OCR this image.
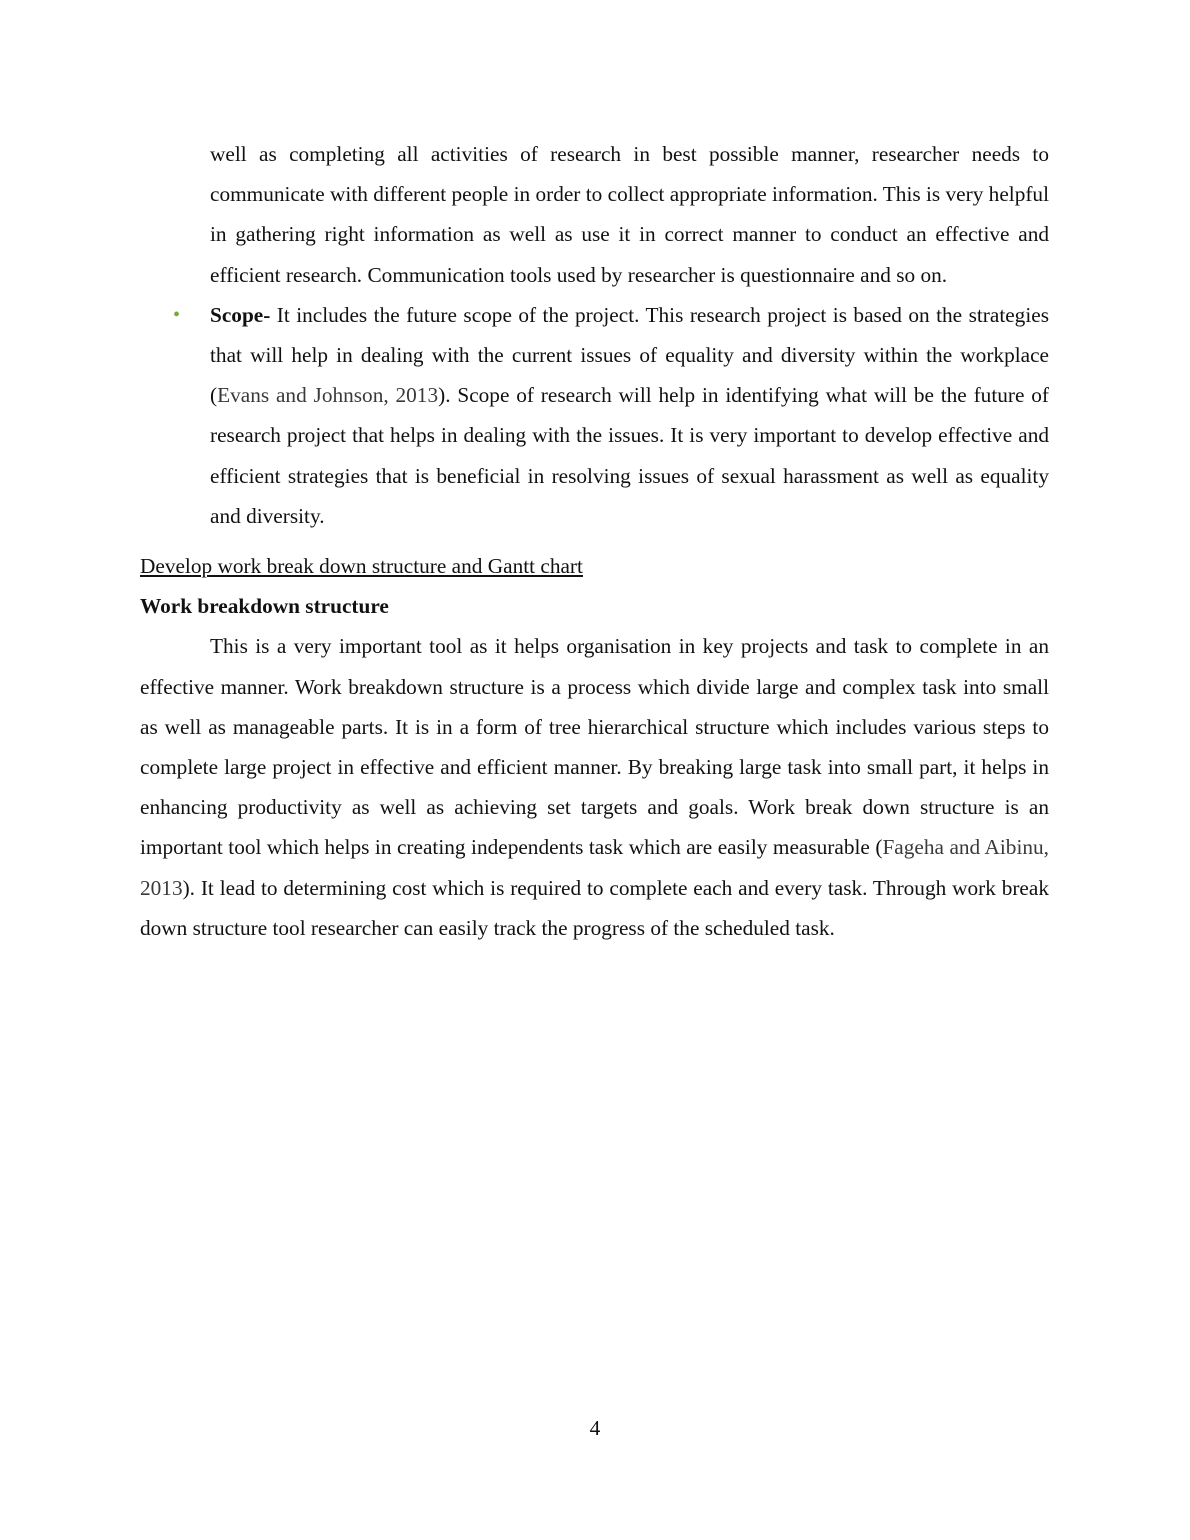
well as completing all activities of research in best possible manner, researcher needs to communicate with different people in order to collect appropriate information. This is very helpful in gathering right information as well as use it in correct manner to conduct an effective and efficient research. Communication tools used by researcher is questionnaire and so on.

• Scope- It includes the future scope of the project. This research project is based on the strategies that will help in dealing with the current issues of equality and diversity within the workplace (Evans and Johnson, 2013). Scope of research will help in identifying what will be the future of research project that helps in dealing with the issues. It is very important to develop effective and efficient strategies that is beneficial in resolving issues of sexual harassment as well as equality and diversity.

Develop work break down structure and Gantt chart

Work breakdown structure

This is a very important tool as it helps organisation in key projects and task to complete in an effective manner. Work breakdown structure is a process which divide large and complex task into small as well as manageable parts. It is in a form of tree hierarchical structure which includes various steps to complete large project in effective and efficient manner. By breaking large task into small part, it helps in enhancing productivity as well as achieving set targets and goals. Work break down structure is an important tool which helps in creating independents task which are easily measurable (Fageha and Aibinu, 2013). It lead to determining cost which is required to complete each and every task. Through work break down structure tool researcher can easily track the progress of the scheduled task.

4
